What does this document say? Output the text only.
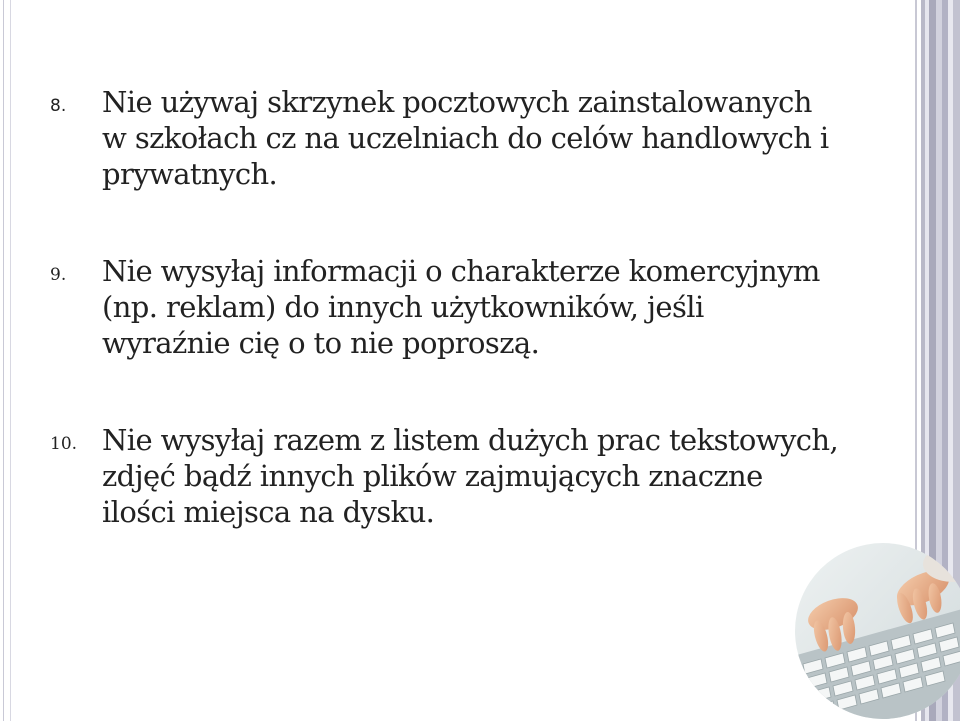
8. Nie używaj skrzynek pocztowych zainstalowanych w szkołach cz na uczelniach do celów handlowych i prywatnych.
9. Nie wysyłaj informacji o charakterze komercyjnym (np. reklam) do innych użytkowników, jeśli wyraźnie cię o to nie poproszą.
10. Nie wysyłaj razem z listem dużych prac tekstowych, zdjęć bądź innych plików zajmujących znaczne ilości miejsca na dysku.
